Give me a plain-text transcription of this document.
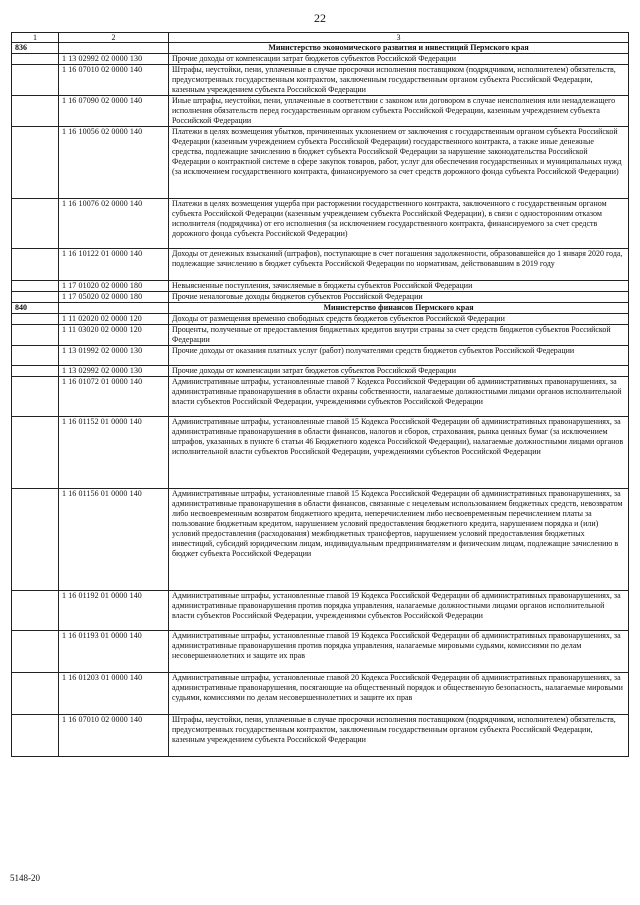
22
1	2	3
836		Министерство экономического развития и инвестиций Пермского края
	1 13 02992 02 0000 130	Прочие доходы от компенсации затрат бюджетов субъектов Российской Федерации
	1 16 07010 02 0000 140	Штрафы, неустойки, пени, уплаченные в случае просрочки исполнения поставщиком (подрядчиком, исполнителем) обязательств, предусмотренных государственным контрактом, заключенным государственным органом субъекта Российской Федерации, казенным учреждением субъекта Российской Федерации
	1 16 07090 02 0000 140	Иные штрафы, неустойки, пени, уплаченные в соответствии с законом или договором в случае неисполнения или ненадлежащего исполнения обязательств перед государственным органом субъекта Российской Федерации, казенным учреждением субъекта Российской Федерации
	1 16 10056 02 0000 140	Платежи в целях возмещения убытков, причиненных уклонением от заключения с государственным органом субъекта Российской Федерации (казенным учреждением субъекта Российской Федерации) государственного контракта, а также иные денежные средства, подлежащие зачислению в бюджет субъекта Российской Федерации за нарушение законодательства Российской Федерации о контрактной системе в сфере закупок товаров, работ, услуг для обеспечения государственных и муниципальных нужд (за исключением государственного контракта, финансируемого за счет средств дорожного фонда субъекта Российской Федерации)
	1 16 10076 02 0000 140	Платежи в целях возмещения ущерба при расторжении государственного контракта, заключенного с государственным органом субъекта Российской Федерации (казенным учреждением субъекта Российской Федерации), в связи с односторонним отказом исполнителя (подрядчика) от его исполнения (за исключением государственного контракта, финансируемого за счет средств дорожного фонда субъекта Российской Федерации)
	1 16 10122 01 0000 140	Доходы от денежных взысканий (штрафов), поступающие в счет погашения задолженности, образовавшейся до 1 января 2020 года, подлежащие зачислению в бюджет субъекта Российской Федерации по нормативам, действовавшим в 2019 году
	1 17 01020 02 0000 180	Невыясненные поступления, зачисляемые в бюджеты субъектов Российской Федерации
	1 17 05020 02 0000 180	Прочие неналоговые доходы бюджетов субъектов Российской Федерации
840		Министерство финансов Пермского края
	1 11 02020 02 0000 120	Доходы от размещения временно свободных средств бюджетов субъектов Российской Федерации
	1 11 03020 02 0000 120	Проценты, полученные от предоставления бюджетных кредитов внутри страны за счет средств бюджетов субъектов Российской Федерации
	1 13 01992 02 0000 130	Прочие доходы от оказания платных услуг (работ) получателями средств бюджетов субъектов Российской Федерации
	1 13 02992 02 0000 130	Прочие доходы от компенсации затрат бюджетов субъектов Российской Федерации
	1 16 01072 01 0000 140	Административные штрафы, установленные главой 7 Кодекса Российской Федерации об административных правонарушениях, за административные правонарушения в области охраны собственности, налагаемые должностными лицами органов исполнительной власти субъектов Российской Федерации, учреждениями субъектов Российской Федерации
	1 16 01152 01 0000 140	Административные штрафы, установленные главой 15 Кодекса Российской Федерации об административных правонарушениях, за административные правонарушения в области финансов, налогов и сборов, страхования, рынка ценных бумаг (за исключением штрафов, указанных в пункте 6 статьи 46 Бюджетного кодекса Российской Федерации), налагаемые должностными лицами органов исполнительной власти субъектов Российской Федерации, учреждениями субъектов Российской Федерации
	1 16 01156 01 0000 140	Административные штрафы, установленные главой 15 Кодекса Российской Федерации об административных правонарушениях, за административные правонарушения в области финансов, связанные с нецелевым использованием бюджетных средств, невозвратом либо несвоевременным возвратом бюджетного кредита, неперечислением либо несвоевременным перечислением платы за пользование бюджетным кредитом, нарушением условий предоставления бюджетного кредита, нарушением порядка и (или) условий предоставления (расходования) межбюджетных трансфертов, нарушением условий предоставления бюджетных инвестиций, субсидий юридическим лицам, индивидуальным предпринимателям и физическим лицам, подлежащие зачислению в бюджет субъекта Российской Федерации
	1 16 01192 01 0000 140	Административные штрафы, установленные главой 19 Кодекса Российской Федерации об административных правонарушениях, за административные правонарушения против порядка управления, налагаемые должностными лицами органов исполнительной власти субъектов Российской Федерации, учреждениями субъектов Российской Федерации
	1 16 01193 01 0000 140	Административные штрафы, установленные главой 19 Кодекса Российской Федерации об административных правонарушениях, за административные правонарушения против порядка управления, налагаемые мировыми судьями, комиссиями по делам несовершеннолетних и защите их прав
	1 16 01203 01 0000 140	Административные штрафы, установленные главой 20 Кодекса Российской Федерации об административных правонарушениях, за административные правонарушения, посягающие на общественный порядок и общественную безопасность, налагаемые мировыми судьями, комиссиями по делам несовершеннолетних и защите их прав
	1 16 07010 02 0000 140	Штрафы, неустойки, пени, уплаченные в случае просрочки исполнения поставщиком (подрядчиком, исполнителем) обязательств, предусмотренных государственным контрактом, заключенным государственным органом субъекта Российской Федерации, казенным учреждением субъекта Российской Федерации
5148-20
